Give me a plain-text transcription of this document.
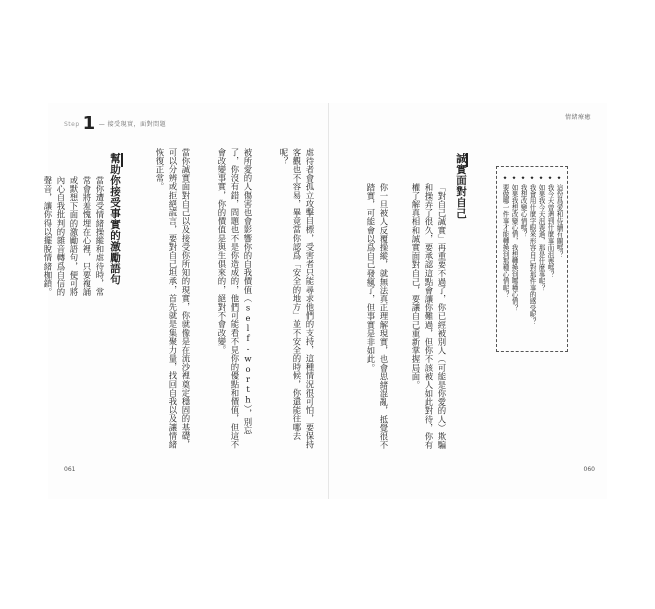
Step 1 — 接受現實，面對問題
情緒療癒
◆
這份爲愛和侍續有關嗎？
◆
我今天曾遇到什麼事而沮喪嗎？
◆
如果我今天沮喪過，那是什麼事呢？
◆
我會用什麼字眼來形容自己對那件事的感受呢？
◆
我想改變心情嗎？
◆
如果我想改變心情，我想轉換到哪種心情？
◆
要做哪一件事才能轉換到那種心情呢？
誠實面對自己
「對自己誠實」再重要不過了，你已經被別人（可能是你愛的人）欺騙和操弄了很久，要承認這點會讓你難過，但你不該被人如此對待，你有權了解真相和誠實面對自己，要讓自己重新掌握局面。
你一旦被人反覆操縱，就無法真正理解現實，也會思緒混亂，抵覺很不踏實，可能會以爲自己發瘋了，但事實是非如此。
虐待者會孤立攻擊目標，受害者只能尋求他們的支持，這種情況很可怕，要保持客觀也不容易，畢竟當你認爲「安全的地方」並不安全的時候，你還能往哪去呢？
被所愛的人傷害也會影響你的自我價值（self-worth），別忘了，你沒有錯，問題也不是你造成的，他們可能看不見你的優點和價值，但這不會改變事實，你的價值是與生俱來的，絕對不會改變。
當你誠實面對自己以及接受你所知的現實，你就像是在流沙裡奠定穩固的基礎，可以分辨或拒絕謊言，要對自己坦承，首先就是集聚力量，找回自我以及讓情緒恢復正常。
幫助你接受事實的激勵語句
當你遭受情緒操縱和虐待時，常常會將羞愧埋在心裡，只要複誦或默想下面的激勵語句，便可將內心自我批判的雜音轉爲自信的聲音，讓你得以擺脫情緒枷鎖。
061	060
